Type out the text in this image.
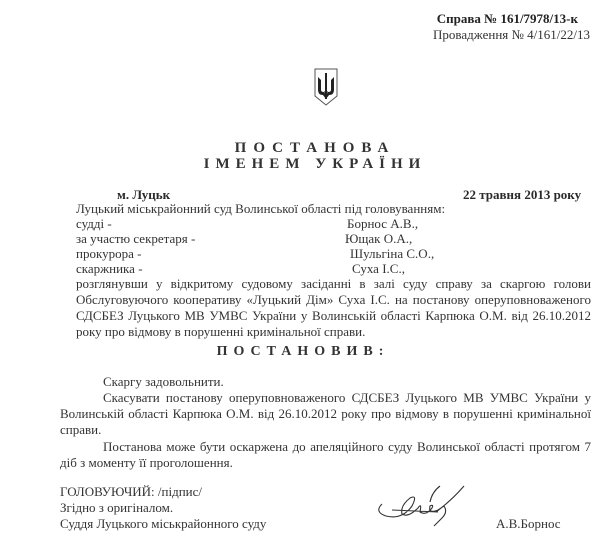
Справа № 161/7978/13-к
Провадження № 4/161/22/13
ПОСТАНОВА
ІМЕНЕМ УКРАЇНИ
м. Луцьк	22 травня 2013 року
Луцький міськрайонний суд Волинської області під головуванням:
судді -	Борнос А.В.,
за участю секретаря -	Ющак О.А.,
прокурора -	Шульгіна С.О.,
скаржника -	Суха І.С.,
розглянувши у відкритому судовому засіданні в залі суду справу за скаргою голови
Обслуговуючого кооперативу «Луцький Дім» Суха І.С. на постанову оперуповноваженого
СДСБЕЗ Луцького МВ УМВС України у Волинській області Карпюка О.М. від 26.10.2012
року про відмову в порушенні кримінальної справи.
ПОСТАНОВИВ:
Скаргу задовольнити.
Скасувати постанову оперуповноваженого СДСБЕЗ Луцького МВ УМВС України у
Волинській області Карпюка О.М. від 26.10.2012 року про відмову в порушенні кримінальної
справи.
Постанова може бути оскаржена до апеляційного суду Волинської області протягом 7
діб з моменту її проголошення.
ГОЛОВУЮЧИЙ: /підпис/
Згідно з оригіналом.
Суддя Луцького міськрайонного суду	А.В.Борнос
